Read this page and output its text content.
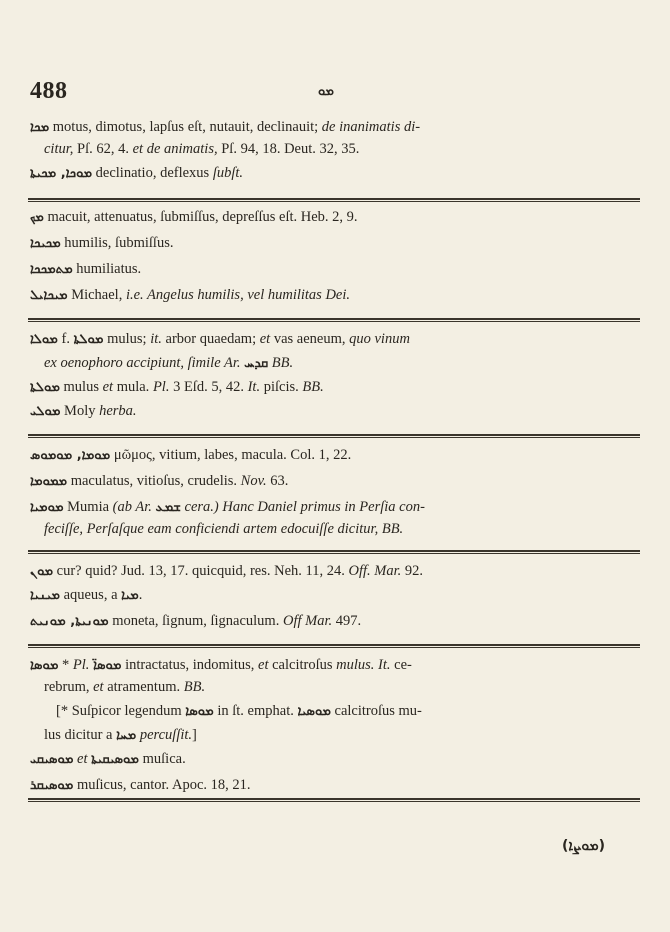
488	ܡܘ
ܡܟܐ motus, dimotus, lapſus eſt, nutauit, declinauit; de inanimatis di-
citur, Pſ. 62, 4. et de animatis, Pſ. 94, 18. Deut. 32, 35.
ܡܘܟܐ, ܡܟܝܬܐ declinatio, deflexus ſubſt.
ܡܟ macuit, attenuatus, ſubmiſſus, depreſſus eſt. Heb. 2, 9.
ܡܟܝܟܐ humilis, ſubmiſſus.
ܡܬܡܟܟܐ humiliatus.
ܡܝܟܐܝܠ Michael, i.e. Angelus humilis, vel humilitas Dei.
ܡܘܠܐ f. ܡܘܠܬܐ mulus; it. arbor quaedam; et vas aeneum, quo vinum
ex oenophoro accipiunt, ſimile Ar. ܩܕܚ BB.
ܡܘܠܬܐ mulus et mula. Pl. 3 Eſd. 5, 42. It. piſcis. BB.
ܡܘܠܝ Moly herba.
ܡܘܡܐ, ܡܘܡܘܣ μῶμος, vitium, labes, macula. Col. 1, 22.
ܡܡܘܡܐ maculatus, vitioſus, crudelis. Nov. 63.
ܡܘܡܝܐ Mumia (ab Ar. ܫܡܥ cera.) Hanc Daniel primus in Perſia con-
feciſſe, Perſaſque eam conficiendi artem edocuiſſe dicitur, BB.
ܡܘܢ cur? quid? Jud. 13, 17. quicquid, res. Neh. 11, 24. Off. Mar. 92.
ܡܝܢܝܐ aqueus, a ܡܝܐ.
ܡܘܢܝܬܐ, ܡܘܢܝܬ moneta, ſignum, ſignaculum. Off Mar. 497.
ܡܘܣܐ * Pl. ܡܘܣܐ̈ intractatus, indomitus, et calcitroſus mulus. It. ce-
rebrum, et atramentum. BB.
[* Suſpicor legendum ܡܘܣܐ in ſt. emphat. ܡܘܣܝܐ calcitroſus mu-
lus dicitur a ܡܚܐ percuſſit.]
ܡܘܣܝܩܝ et ܡܘܣܝܩܝܬܐ muſica.
ܡܘܣܝܩܪ muſicus, cantor. Apoc. 18, 21.
(ܡܘܨܐ)
